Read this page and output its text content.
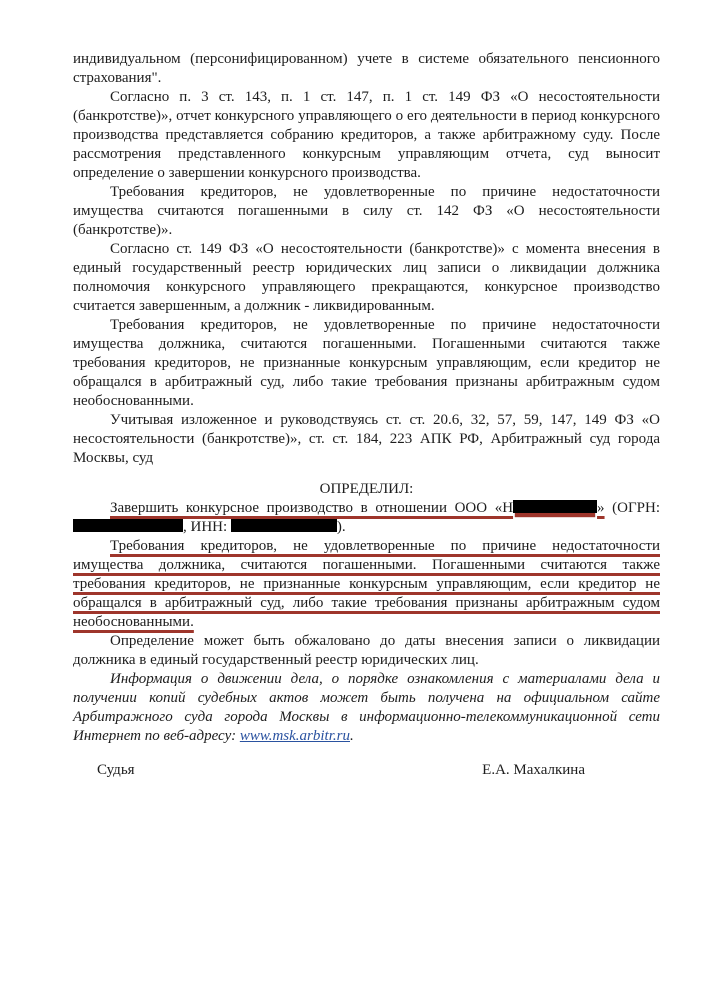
индивидуальном (персонифицированном) учете в системе обязательного пенсионного страхования".

Согласно п. 3 ст. 143, п. 1 ст. 147, п. 1 ст. 149 ФЗ «О несостоятельности (банкротстве)», отчет конкурсного управляющего о его деятельности в период конкурсного производства представляется собранию кредиторов, а также арбитражному суду. После рассмотрения представленного конкурсным управляющим отчета, суд выносит определение о завершении конкурсного производства.

Требования кредиторов, не удовлетворенные по причине недостаточности имущества считаются погашенными в силу ст. 142 ФЗ «О несостоятельности (банкротстве)».

Согласно ст. 149 ФЗ «О несостоятельности (банкротстве)» с момента внесения в единый государственный реестр юридических лиц записи о ликвидации должника полномочия конкурсного управляющего прекращаются, конкурсное производство считается завершенным, а должник - ликвидированным.

Требования кредиторов, не удовлетворенные по причине недостаточности имущества должника, считаются погашенными. Погашенными считаются также требования кредиторов, не признанные конкурсным управляющим, если кредитор не обращался в арбитражный суд, либо такие требования признаны арбитражным судом необоснованными.

Учитывая изложенное и руководствуясь ст. ст. 20.6, 32, 57, 59, 147, 149 ФЗ «О несостоятельности (банкротстве)», ст. ст. 184, 223 АПК РФ, Арбитражный суд города Москвы, суд

ОПРЕДЕЛИЛ:

Завершить конкурсное производство в отношении ООО «Н	» (ОГРН: , ИНН:	).

Требования кредиторов, не удовлетворенные по причине недостаточности имущества должника, считаются погашенными. Погашенными считаются также требования кредиторов, не признанные конкурсным управляющим, если кредитор не обращался в арбитражный суд, либо такие требования признаны арбитражным судом необоснованными.

Определение может быть обжаловано до даты внесения записи о ликвидации должника в единый государственный реестр юридических лиц.

Информация о движении дела, о порядке ознакомления с материалами дела и получении копий судебных актов может быть получена на официальном сайте Арбитражного суда города Москвы в информационно-телекоммуникационной сети Интернет по веб-адресу: www.msk.arbitr.ru.

Судья	Е.А. Махалкина
